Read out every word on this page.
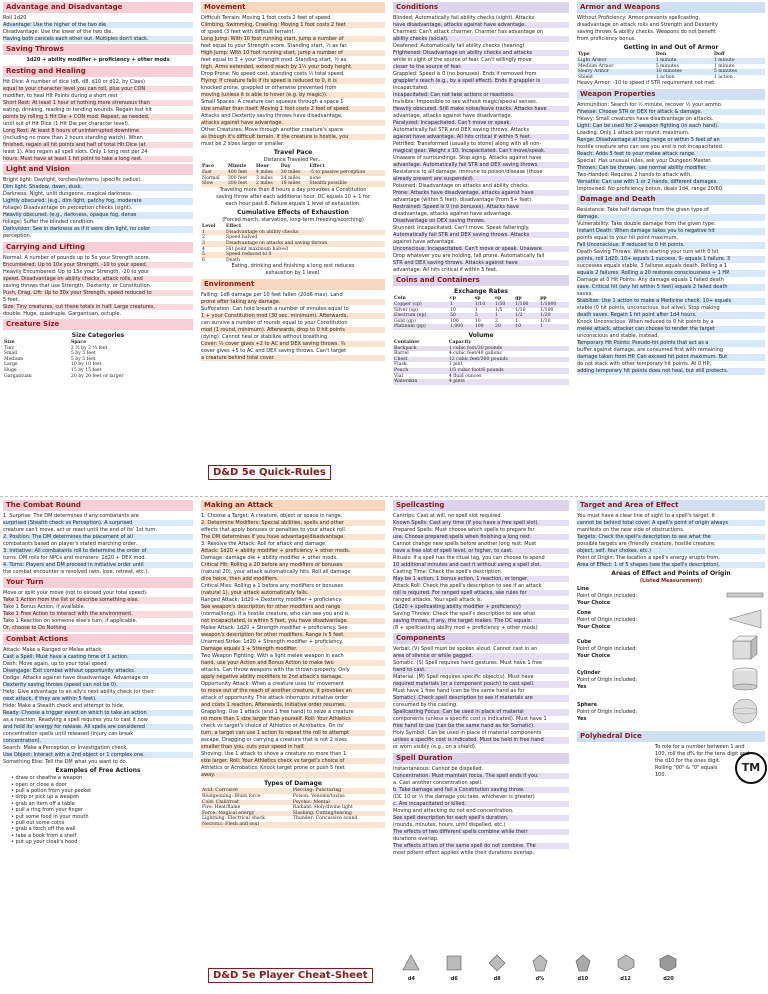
Advantage and Disadvantage
Roll 1d20
Advantage: Use the higher of the two die.
Disadvantage: Use the lower of the two die.
Having both cancels each other out. Multiples don't stack.
Saving Throws
1d20 + ability modifier + proficiency + other mods
Resting and Healing
Hit Dice: A number of dice (d6, d8, d10 or d12, by Class)
equal to your character level you can roll, plus your CON
modifier, to heal Hit Points during a short rest
Short Rest: At least 1 hour of nothing more strenuous than
eating, drinking, reading or tending wounds. Regain lost hit
points by rolling 1 Hit Die + CON mod. Repeat, as needed,
until out of Hit Dice (1 Hit Die per character level).
Long Rest: At least 8 hours of uninterrupted downtime
(including no more than 2 hours standing watch). When
finished, regain all hit points and half of total Hit Dice (at
least 1). Also regain all spell slots. Only 1 long rest per 24
hours. Must have at least 1 hit point to take a long rest.
Light and Vision
Bright light: Daylight, torches/lanterns (specific radius).
Dim light: Shadow, dawn, dusk.
Darkness: Night, unlit dungeons, magical darkness.
Lightly obscured: (e.g., dim light, patchy fog, moderate
foliage) Disadvantage on perception checks (sight).
Heavily obscured: (e.g., darkness, opaque fog, dense
foliage) Suffer the blinded condition.
Darkvision: See in darkness as if it were dim light, no color
perception.
Carrying and Lifting
Normal: A number of pounds up to 5x your Strength score.
Encumbered: Up to 10x your Strength, -10 to your speed.
Heavily Encumbered: Up to 15x your Strength, -20 to your
speed. Disadvantage on ability checks, attack rolls, and
saving throws that use Strength, Dexterity, or Constitution.
Push, Drag, Lift: Up to 30x your Strength, speed reduced to
5 feet.
Size: Tiny creatures, cut these totals in half. Large creatures,
double. Huge, quadruple. Gargantuan, octuple.
Creature Size
Size Categories
Size	Space
Tiny	2 ½ by 2 ½ feet
Small	5 by 5 feet
Medium	5 by 5 feet
Large	10 by 10 feet
Huge	15 by 15 feet
Gargantuan	20 by 20 feet or larger
Movement
Difficult Terrain: Moving 1 foot costs 2 feet of speed.
Climbing, Swimming, Crawling: Moving 1 foot costs 2 feet
of speed (3 feet with difficult terrain).
Long Jump: With 10 foot running start, jump a number of
feet equal to your Strength score. Standing start, ½ as far.
High Jump: With 10 foot running start, jump a number of
feet equal to 3 + your Strength mod. Standing start, ½ as
high. Arms extended, extend reach by 1½ your body height.
Drop Prone: No speed cost, standing costs ½ total speed.
Flying: If creature falls if its speed is reduced to 0, it is
knocked prone, grappled or otherwise prevented from
moving (unless it is able to hover (e.g. by magic)).
Small Spaces: A creature can squeeze through a space 1
size smaller than itself. Moving 1 foot costs 2 feet of speed.
Attacks and Dexterity saving throws have disadvantage,
attacks against have advantage.
Other Creatures: Move through another creature's space
as though it's difficult terrain. If the creature is hostile, you
must be 2 sizes larger or smaller.
Travel Pace
Distance Traveled Per...
Pace	Minute	Hour	Day	Effect
Fast	400 feet	4 miles	30 miles	-5 to passive perception
Normal	300 feet	3 miles	24 miles	none
Slow	200 feet	2 miles	18 miles	Stealth possible
Traveling more than 8 hours a day provokes a Constitution
saving throw after each additional hour. DC equals 10 + 1 for
each hour past 8. Failure equals 1 level of exhaustion.
Cumulative Effects of Exhaustion
(Forced march, starvation, long-term freezing/scorching)
Level	Effect
1	Disadvantage on ability checks
2	Speed halved
3	Disadvantage on attacks and saving throws
4	Hit point maximum halved
5	Speed reduced to 0
6	Death
Eating, drinking and finishing a long rest reduces
exhaustion by 1 level.
Environment
Falling: 1d6 damage per 10 feet fallen (20d6 max). Land
prone after taking any damage.
Suffocation: Can hold breath a number of minutes equal to
1 + your Constitution mod (30 sec. minimum). Afterwards,
can survive a number of rounds equal to your Constitution
mod (1 round, minimum). Afterwards, drop to 0 hit points
(dying). Cannot heal or stabilize without breathing.
Cover: ½ cover gives +2 to AC and DEX saving throws. ¾
cover gives +5 to AC and DEX saving throws. Can't target
a creature behind total cover.
D&D 5e Quick-Rules
Conditions
Blinded: Automatically fail ability checks (sight). Attacks
have disadvantage, attacks against have advantage.
Charmed: Can't attack charmer. Charmer has advantage on
ability checks (social).
Deafened: Automatically fail ability checks (hearing).
Frightened: Disadvantage on ability checks and attacks
while in sight of the source of fear. Can't willingly move
closer to the source of fear.
Grappled: Speed is 0 (no bonuses). Ends if removed from
grappler's reach (e.g., by a spell effect). Ends if grappler is
incapacitated.
Incapacitated: Can not take actions or reactions.
Invisible: Impossible to see without magic/special senses.
Heavily obscured. Still make noise/leave tracks. Attacks have
advantage, attacks against have disadvantage.
Paralyzed: Incapacitated. Can't move or speak.
Automatically fail STR and DEX saving throws. Attacks
against have advantage. All hits critical if within 5 feet.
Petrified: Transformed (usually to stone) along with all non-
magical gear. Weight x 10. Incapacitated. Can't move/speak.
Unaware of surroundings. Stop aging. Attacks against have
advantage. Automatically fail STR and DEX saving throws.
Resistance to all damage. Immune to poison/disease (those
already present are suspended).
Poisoned: Disadvantage on attacks and ability checks.
Prone: Attacks have disadvantage, attacks against have
advantage (within 5 feet), disadvantage (from 5+ feet).
Restrained: Speed is 0 (no bonuses). Attacks have
disadvantage, attacks against have advantage.
Disadvantage on DEX saving throws.
Stunned: Incapacitated. Can't move. Speak falteringly.
Automatically fail STR and DEX saving throws. Attacks
against have advantage.
Unconscious: Incapacitated. Can't move or speak. Unaware.
Drop whatever you are holding, fall prone. Automatically fail
STR and DEX saving throws. Attacks against have
advantage. All hits critical if within 5 feet.
Coins and Containers
Exchange Rates
Coin	cp	sp	ep	gp	pp
Copper (cp)	1	1/10	1/50	1/100	1/1000
Silver (sp)	10	1	1/5	1/10	1/100
Electrum (ep)	50	5	1	1/2	1/20
Gold (gp)	100	10	2	1	1/10
Platinum (pp)	1,000	100	20	10	1
Volume
Container	Capacity
Backpack	1 cubic foot/30 pounds
Barrel	4 cubic feet/40 gallons
Chest	12 cubic feet/300 pounds
Flask	1 pint
Pouch	1/5 cubic foot/6 pounds
Vial	4 fluid ounces
Waterskin	4 pints
Armor and Weapons
Without Proficiency: Armor prevents spellcasting,
disadvantage on attack rolls and Strength and Dexterity
saving throws & ability checks. Weapons do not benefit
from proficiency bonus.
Getting In and Out of Armor
Type	Don	Doff
Light Armor	1 minute	1 minute
Medium Armor	5 minutes	1 minute
Heavy Armor	10 minutes	5 minutes
Shield	1 action	1 action
Heavy Armor: -10 to speed if STR requirement not met.
Weapon Properties
Ammunition: Search for ½ minute, recover ½ your ammo.
Finesse: Choose STR or DEX for attack & damage.
Heavy: Small creatures have disadvantage on attacks.
Light: Can be used for 2-weapon fighting (in each hand).
Loading: Only 1 attack per round, maximum.
Range: Disadvantage at long range or within 5 feet of an
hostile creature who can see you and is not incapacitated.
Reach: Adds 5 feet to your melee attack range.
Special: Has unusual rules, ask your Dungeon Master.
Thrown: Can be thrown, use normal ability modifier.
Two-Handed: Requires 2 hands to attack with.
Versatile: Can use with 1 or 2 hands, different damages.
Improvised: No proficiency bonus, deals 1d4, range 20/60.
Damage and Death
Resistance: Take half damage from the given type of
damage.
Vulnerability: Take double damage from the given type.
Instant Death: When damage takes you to negative hit
points equal to your hit point maximum.
Fall Unconscious: If reduced to 0 hit points.
Death Saving Throws: When starting your turn with 0 hit
points, roll 1d20. 10+ equals 1 success, 9- equals 1 failure. 3
successes equals stable, 3 failures equals death. Rolling a 1
equals 2 failures. Rolling a 20 restores consciousness + 1 HP.
Damage at 0 Hit Points: Any damage equals 1 failed death
save. Critical hit (any hit within 5 feet) equals 2 failed death
saves.
Stabilize: Use 1 action to make a Medicine check. 10+ equals
stable (0 hit points, unconscious, but alive). Stop making
death saves. Regain 1 hit point after 1d4 hours.
Knock Unconscious: When reduced to 0 hit points by a
melee attack, attacker can choose to render the target
unconscious and stable, instead.
Temporary Hit Points: Pseudo-hit points that act as a
buffer against damage, are consumed first with remaining
damage taken from HP. Can exceed hit point maximum. But
do not stack with other temporary hit points. At 0 HP,
adding temporary hit points does not heal, but still protects.
The Combat Round
1. Surprise: The DM determines if any combatants are
surprised (Stealth check vs Perception). A surprised
creature can't move, act or react until the end of its' 1st turn.
2. Position: The DM determines the placement of all
combatants based on player's stated marching order.
3. Initiative: All combatants roll to determine the order of
turns. DM rolls for NPCs and monsters: 1d20 + DEX mod.
4. Turns: Players and DM proceed in initiative order until
the combat encounter is resolved (win, lose, retreat, etc.).
Your Turn
Move or split your move (not to exceed your total speed).
Take 1 Action from the list or describe something else.
Take 1 Bonus Action, if available.
Take 1 Free Action to interact with the environment.
Take 1 Reaction on someone else's turn, if applicable.
Or, choose to Do Nothing
Combat Actions
Attack: Make a Ranged or Melee attack.
Cast a Spell: Must have a casting time of 1 action.
Dash: Move again, up to your total speed.
Disengage: Exit combat without opportunity attacks.
Dodge: Attacks against have disadvantage. Advantage on
Dexterity saving throws (speed can not be 0).
Help: Give advantage to an ally's next ability check (or their
next attack, if they are within 5 feet).
Hide: Make a Stealth check and attempt to hide.
Ready: Choose a trigger event on which to take an action
as a reaction. Readying a spell requires you to cast it now
and hold its' energy for release. All spells are considered
concentration spells until released (injury can break
concentration).
Search: Make a Perception or Investigation check.
Use Object: Interact with a 2nd object or 1 complex one.
Something Else: Tell the DM what you want to do.
Examples of Free Actions
• draw or sheathe a weapon
• open or close a door
• pull a potion from your pocket
• drop or pick up a weapon
• grab an item off a table
• pull a ring from your finger
• put some food in your mouth
• pull out some coins
• grab a torch off the wall
• take a book from a shelf
• put up your cloak's hood
Making an Attack
1. Choose a Target: A creature, object or space in range.
2. Determine Modifiers: Special abilities, spells and other
effects that apply bonuses or penalties to your attack roll.
The DM determines if you have advantage/disadvantage.
3. Resolve the Attack: Roll for attack and damage.
Attack: 1d20 + ability modifier + proficiency + other mods.
Damage: damage die + ability modifier + other mods.
Critical Hit: Rolling a 20 before any modifiers or bonuses
(natural 20), your attack automatically hits. Roll all damage
dice twice, then add modifiers.
Critical Miss: Rolling a 1 before any modifiers or bonuses
(natural 1), your attack automatically fails.
Ranged Attack: 1d20 + Dexterity modifier + proficiency.
See weapon's description for other modifiers and range
(normal/long). If a hostile creature, who can see you and is
not incapacitated, is within 5 feet, you have disadvantage.
Melee Attack: 1d20 + Strength modifier + proficiency. See
weapon's description for other modifiers. Range is 5 feet.
Unarmed Strike: 1d20 + Strength modifier + proficiency.
Damage equals 1 + Strength modifier.
Two Weapon Fighting: With a light melee weapon in each
hand, use your Action and Bonus Action to make two
attacks. Can throw weapons with the thrown property. Only
apply negative ability modifiers to 2nd attack's damage.
Opportunity Attack: When a creature uses its' movement
to move out of the reach of another creature, it provokes an
attack of opportunity. This attack interrupts initiative order
and costs 1 reaction. Afterwards, initiative order resumes.
Grappling: Use 1 attack (and 1 free hand) to seize a creature
no more than 1 size larger than yourself. Roll: Your Athletics
check vs target's choice of Athletics or Acrobatics. On its'
turn, a target can use 1 action to repeat the roll to attempt
escape. Dragging or carrying a creature that is not 2 sizes
smaller than you, cuts your speed in half.
Shoving: Use 1 attack to shove a creature no more than 1
size larger. Roll: Your Athletics check vs target's choice of
Athletics or Acrobatics. Knock target prone or push 5 feet
away.
Types of Damage
Acid: Corrosive	Piercing: Puncturing
Bludgeoning: Blunt force	Poison: Venoms/toxins
Cold: Chill/frost	Psychic: Mental
Fire: Heat/flame	Radiant: Holy/divine light
Force: Magical energy	Slashing: Cutting/tearing
Lightning: Electrical shock	Thunder: Concussive sound
Necrotic: Flesh and soul	
D&D 5e Player Cheat-Sheet
Spellcasting
Cantrips: Cast at will, no spell slot required.
Known Spells: Cast any time (if you have a free spell slot).
Prepared Spells: Must choose which spells to prepare for
use. Choose prepared spells when finishing a long rest.
Cannot change new spells before another long rest. Must
have a free slot of spell level, or higher, to cast.
Rituals: If a spell has the ritual tag, you can choose to spend
10 additional minutes and cast it without using a spell slot.
Casting Time: Check the spell's description.
May be 1 action, 1 bonus action, 1 reaction, or longer.
Attack Roll: Check the spell's description to see if an attack
roll is required. For ranged spell attacks, see rules for
ranged attacks. Your spell attack is:
(1d20 + spellcasting ability modifier + proficiency)
Saving Throws: Check the spell's description to see what
saving throws, if any, the target makes. The DC equals:
(8 + spellcasting ability mod + proficiency + other mods)
Components
Verbal: (V) Spell must be spoken aloud. Cannot cast in an
area of silence or while gagged.
Somatic: (S) Spell requires hand gestures. Must have 1 free
hand to cast.
Material: (M) Spell requires specific object(s). Must have
required materials (or a component pouch) to cast spell.
Must have 1 free hand (can be the same hand as for
Somatic). Check spell description to see if materials are
consumed by the casting.
Spellcasting Focus: Can be used in place of material
components (unless a specific cost is indicated). Must have 1
free hand to use (can be the same hand as for Somatic).
Holy Symbol: Can be used in place of material components
unless a specific cost is indicated. Must be held in free hand
or worn visibly (e.g., on a shield).
Spell Duration
Instantaneous: Cannot be dispelled.
Concentration: Must maintain focus. The spell ends if you:
a. Cast another concentration spell.
b. Take damage and fail a Constitution saving throw.
(DC 10 or ½ the damage you take, whichever is greater)
c. Are incapacitated or killed.
Moving and attacking do not end concentration.
See spell description for each spell's duration.
(rounds, minutes, hours, until dispelled, etc.)
The effects of two different spells combine while their
durations overlap.
The effects of two of the same spell do not combine. The
most potent effect applies while their durations overlap.
Target and Area of Effect
You must have a clear line of sight to a spell's target. It
cannot be behind total cover. A spell's point of origin always
manifests on the near side of obstructions.
Targets: Check the spell's description to see what the
possible targets are (friendly creature, hostile creature,
object, self, four chokes, etc.)
Point of Origin: The location a spell's energy erupts from.
Area of Effect: 1 of 5 shapes (see the spell's description).
Areas of Effect and Points of Origin
(Listed Measurement)
Line
Point of Origin included:
Your Choice
Cone
Point of Origin included:
Your Choice
Cube
Point of Origin included:
Your Choice
Cylinder
Point of Origin included:
Yes
Sphere
Point of Origin included:
Yes
Polyhedral Dice
To role for a number between 1 and
100, roll the d% for the tens digit and
the d10 for the ones digit.
Rolling "00" & "0" equals
100.
TM
d4	d6	d8	d%	d10	d12	d20
